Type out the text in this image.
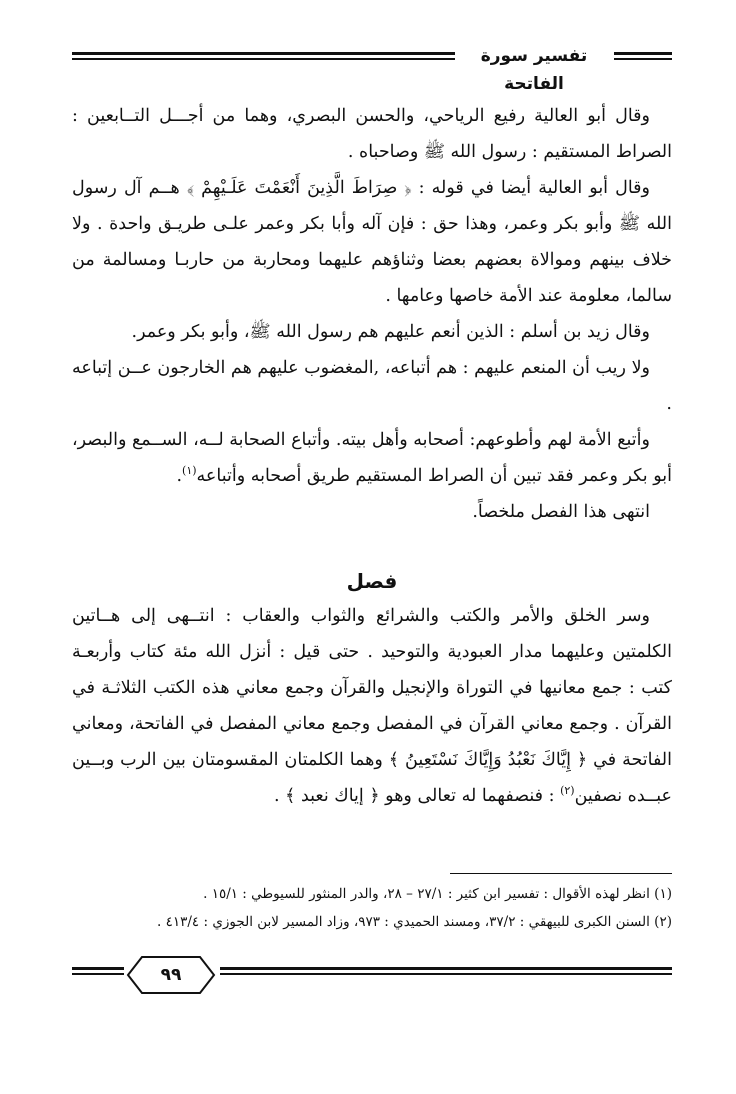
تفسير سورة الفاتحة

وقال أبو العالية رفيع الرياحي، والحسن البصري، وهما من أجـــل التــابعين : الصراط المستقيم : رسول الله ﷺ وصاحباه .

وقال أبو العالية أيضا في قوله : ﴿ صِرَاطَ الَّذِينَ أَنْعَمْتَ عَلَـيْهِمْ ﴾ هــم آل رسول الله ﷺ وأبو بكر وعمر، وهذا حق : فإن آله وأبا بكر وعمر علـى طريـق واحدة . ولا خلاف بينهم وموالاة بعضهم بعضا وثناؤهم عليهما ومحاربة من حاربـا ومسالمة من سالما، معلومة عند الأمة خاصها وعامها .

وقال زيد بن أسلم : الذين أنعم عليهم هم رسول الله ﷺ، وأبو بكر وعمر.

ولا ريب أن المنعم عليهم : هم أتباعه، ,المغضوب عليهم هم الخارجون عــن إتباعه .

وأتبع الأمة لهم وأطوعهم: أصحابه وأهل بيته. وأتباع الصحابة لــه، الســمع والبصر، أبو بكر وعمر فقد تبين أن الصراط المستقيم طريق أصحابه وأتباعه$^{(١)}$.

انتهى هذا الفصل ملخصاً.

فصل

وسر الخلق والأمر والكتب والشرائع والثواب والعقاب : انتــهى إلى هــاتين الكلمتين وعليهما مدار العبودية والتوحيد . حتى قيل : أنزل الله مئة كتاب وأربعـة كتب : جمع معانيها في التوراة والإنجيل والقرآن وجمع معاني هذه الكتب الثلاثـة في القرآن . وجمع معاني القرآن في المفصل وجمع معاني المفصل في الفاتحة، ومعاني الفاتحة في ﴿ إِيَّاكَ نَعْبُدُ وَإِيَّاكَ نَسْتَعِينُ ﴾ وهما الكلمتان المقسومتان بين الرب وبــين عبــده نصفين$^{(٢)}$ : فنصفهما له تعالى وهو ﴿ إياك نعبد ﴾ .

(١) انظر لهذه الأقوال : تفسير ابن كثير : ٢٧/١ – ٢٨، والدر المنثور للسيوطي : ١٥/١ .

(٢) السنن الكبرى للبيهقي : ٣٧/٢، ومسند الحميدي : ٩٧٣، وزاد المسير لابن الجوزي : ٤١٣/٤ .

٩٩
